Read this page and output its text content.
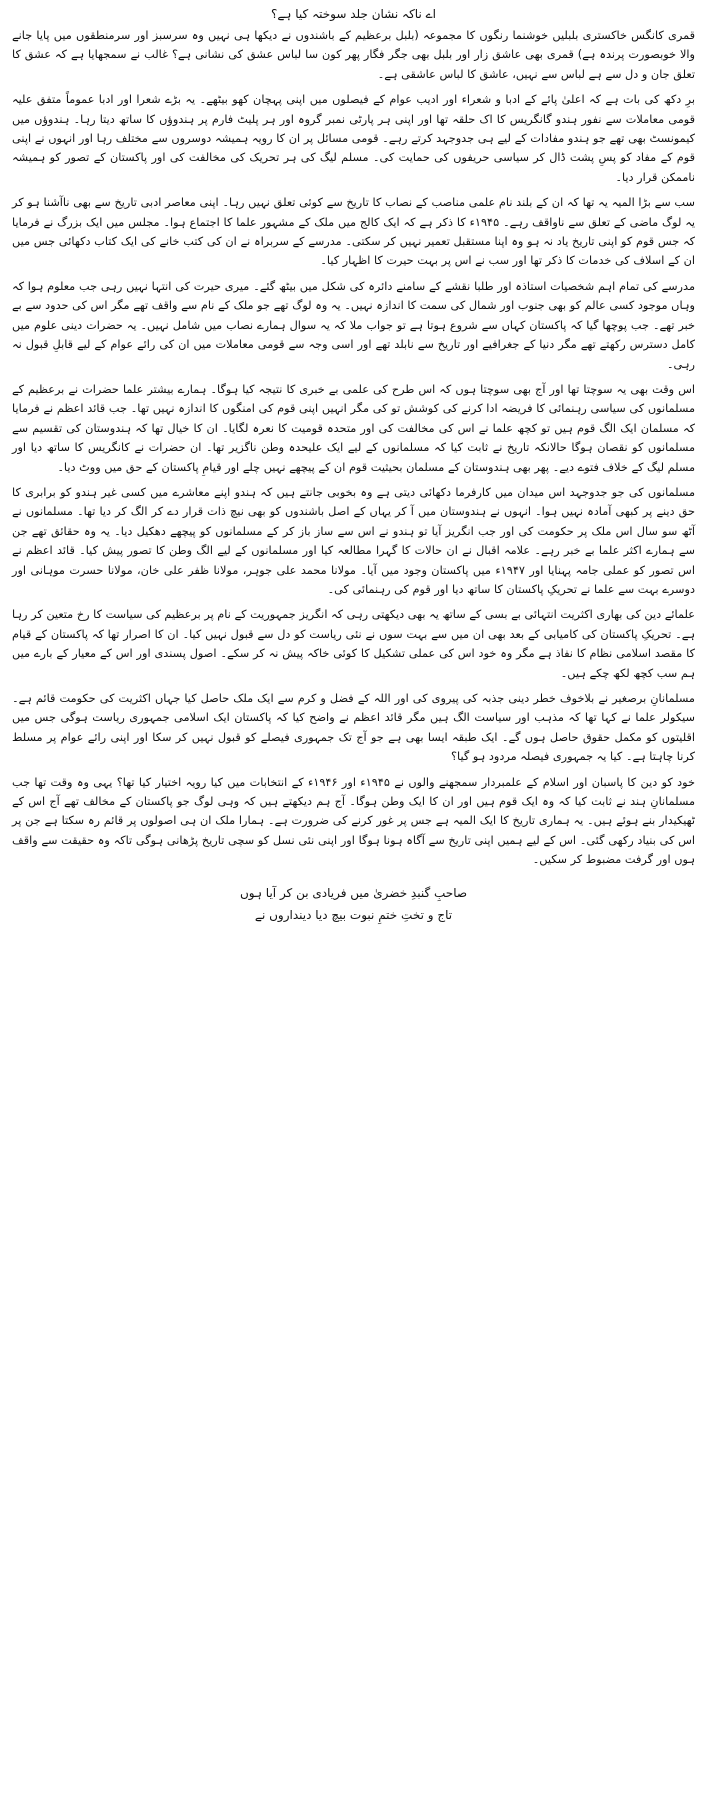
اے ناکہ نشان جلد سوختہ کیا ہے؟

قمری کانگس خاکستری بلبلیں خوشنما رنگوں کا مجموعہ (بلبل برعظیم کے باشندوں نے دیکھا ہی نہیں وہ سرسبز اور سرمنطقوں میں پایا جانے والا خوبصورت پرندہ ہے) قمری بھی عاشق زار اور بلبل بھی جگر فگار پھر کون سا لباس عشق کی نشانی ہے؟ غالب نے سمجھایا ہے کہ عشق کا تعلق جان و دل سے ہے لباس سے نہیں، عاشق کا لباس عاشقی ہے۔

برِ دکھ کی بات ہے کہ اعلیٰ پائے کے ادبا و شعراء اور ادیب عوام کے فیصلوں میں اپنی پہچان کھو بیٹھے۔ یہ بڑے شعرا اور ادبا عموماً متفق علیہ قومی معاملات سے نفور ہندو گانگریس کا اک حلقہ تھا اور اپنی ہر پارٹی نمبر گروہ اور ہر پلیٹ فارم پر ہندوؤں کا ساتھ دیتا رہا۔ ہندوؤں میں کیمونسٹ بھی تھے جو ہندو مفادات کے لیے ہی جدوجہد کرتے رہے۔ قومی مسائل پر ان کا رویہ ہمیشہ دوسروں سے مختلف رہا اور انہوں نے اپنی قوم کے مفاد کو پسِ پشت ڈال کر سیاسی حریفوں کی حمایت کی۔ مسلم لیگ کی ہر تحریک کی مخالفت کی اور پاکستان کے تصور کو ہمیشہ ناممکن قرار دیا۔

سب سے بڑا المیہ یہ تھا کہ ان کے بلند نام علمی مناصب کے نصاب کا تاریخ سے کوئی تعلق نہیں رہا۔ اپنی معاصر ادبی تاریخ سے بھی ناآشنا ہو کر یہ لوگ ماضی کے تعلق سے ناواقف رہے۔ ۱۹۴۵ء کا ذکر ہے کہ ایک کالج میں ملک کے مشہور علما کا اجتماع ہوا۔ مجلس میں ایک بزرگ نے فرمایا کہ جس قوم کو اپنی تاریخ یاد نہ ہو وہ اپنا مستقبل تعمیر نہیں کر سکتی۔ مدرسے کے سربراہ نے ان کی کتب خانے کی ایک کتاب دکھائی جس میں ان کے اسلاف کی خدمات کا ذکر تھا اور سب نے اس پر بہت حیرت کا اظہار کیا۔

مدرسے کی تمام اہم شخصیات استاذہ اور طلبا نقشے کے سامنے دائرہ کی شکل میں بیٹھ گئے۔ میری حیرت کی انتہا نہیں رہی جب معلوم ہوا کہ وہاں موجود کسی عالم کو بھی جنوب اور شمال کی سمت کا اندازہ نہیں۔ یہ وہ لوگ تھے جو ملک کے نام سے واقف تھے مگر اس کی حدود سے بے خبر تھے۔ جب پوچھا گیا کہ پاکستان کہاں سے شروع ہوتا ہے تو جواب ملا کہ یہ سوال ہمارے نصاب میں شامل نہیں۔ یہ حضرات دینی علوم میں کامل دسترس رکھتے تھے مگر دنیا کے جغرافیے اور تاریخ سے نابلد تھے اور اسی وجہ سے قومی معاملات میں ان کی رائے عوام کے لیے قابلِ قبول نہ رہی۔

اس وقت بھی یہ سوچتا تھا اور آج بھی سوچتا ہوں کہ اس طرح کی علمی بے خبری کا نتیجہ کیا ہوگا۔ ہمارے بیشتر علما حضرات نے برعظیم کے مسلمانوں کی سیاسی رہنمائی کا فریضہ ادا کرنے کی کوشش تو کی مگر انہیں اپنی قوم کی امنگوں کا اندازہ نہیں تھا۔ جب قائد اعظم نے فرمایا کہ مسلمان ایک الگ قوم ہیں تو کچھ علما نے اس کی مخالفت کی اور متحدہ قومیت کا نعرہ لگایا۔ ان کا خیال تھا کہ ہندوستان کی تقسیم سے مسلمانوں کو نقصان ہوگا حالانکہ تاریخ نے ثابت کیا کہ مسلمانوں کے لیے ایک علیحدہ وطن ناگزیر تھا۔ ان حضرات نے کانگریس کا ساتھ دیا اور مسلم لیگ کے خلاف فتوے دیے۔ پھر بھی ہندوستان کے مسلمان بحیثیت قوم ان کے پیچھے نہیں چلے اور قیامِ پاکستان کے حق میں ووٹ دیا۔

مسلمانوں کی جو جدوجہد اس میدان میں کارفرما دکھائی دیتی ہے وہ بخوبی جانتے ہیں کہ ہندو اپنے معاشرے میں کسی غیر ہندو کو برابری کا حق دینے پر کبھی آمادہ نہیں ہوا۔ انہوں نے ہندوستان میں آ کر یہاں کے اصل باشندوں کو بھی نیچ ذات قرار دے کر الگ کر دیا تھا۔ مسلمانوں نے آٹھ سو سال اس ملک پر حکومت کی اور جب انگریز آیا تو ہندو نے اس سے ساز باز کر کے مسلمانوں کو پیچھے دھکیل دیا۔ یہ وہ حقائق تھے جن سے ہمارے اکثر علما بے خبر رہے۔ علامہ اقبال نے ان حالات کا گہرا مطالعہ کیا اور مسلمانوں کے لیے الگ وطن کا تصور پیش کیا۔ قائد اعظم نے اس تصور کو عملی جامہ پہنایا اور ۱۹۴۷ء میں پاکستان وجود میں آیا۔ مولانا محمد علی جوہر، مولانا ظفر علی خان، مولانا حسرت موہانی اور دوسرے بہت سے علما نے تحریکِ پاکستان کا ساتھ دیا اور قوم کی رہنمائی کی۔

علمائے دین کی بھاری اکثریت انتہائی بے بسی کے ساتھ یہ بھی دیکھتی رہی کہ انگریز جمہوریت کے نام پر برعظیم کی سیاست کا رخ متعین کر رہا ہے۔ تحریکِ پاکستان کی کامیابی کے بعد بھی ان میں سے بہت سوں نے نئی ریاست کو دل سے قبول نہیں کیا۔ ان کا اصرار تھا کہ پاکستان کے قیام کا مقصد اسلامی نظام کا نفاذ ہے مگر وہ خود اس کی عملی تشکیل کا کوئی خاکہ پیش نہ کر سکے۔ اصول پسندی اور اس کے معیار کے بارے میں ہم سب کچھ لکھ چکے ہیں۔

مسلمانانِ برصغیر نے بلاخوف خطر دینی جذبہ کی پیروی کی اور اللہ کے فضل و کرم سے ایک ملک حاصل کیا جہاں اکثریت کی حکومت قائم ہے۔ سیکولر علما نے کہا تھا کہ مذہب اور سیاست الگ ہیں مگر قائد اعظم نے واضح کیا کہ پاکستان ایک اسلامی جمہوری ریاست ہوگی جس میں اقلیتوں کو مکمل حقوق حاصل ہوں گے۔ ایک طبقہ ایسا بھی ہے جو آج تک جمہوری فیصلے کو قبول نہیں کر سکا اور اپنی رائے عوام پر مسلط کرنا چاہتا ہے۔ کیا یہ جمہوری فیصلہ مردود ہو گیا؟

خود کو دین کا پاسبان اور اسلام کے علمبردار سمجھنے والوں نے ۱۹۴۵ء اور ۱۹۴۶ء کے انتخابات میں کیا رویہ اختیار کیا تھا؟ یہی وہ وقت تھا جب مسلمانانِ ہند نے ثابت کیا کہ وہ ایک قوم ہیں اور ان کا ایک وطن ہوگا۔ آج ہم دیکھتے ہیں کہ وہی لوگ جو پاکستان کے مخالف تھے آج اس کے ٹھیکیدار بنے ہوئے ہیں۔ یہ ہماری تاریخ کا ایک المیہ ہے جس پر غور کرنے کی ضرورت ہے۔ ہمارا ملک ان ہی اصولوں پر قائم رہ سکتا ہے جن پر اس کی بنیاد رکھی گئی۔ اس کے لیے ہمیں اپنی تاریخ سے آگاہ ہونا ہوگا اور اپنی نئی نسل کو سچی تاریخ پڑھانی ہوگی تاکہ وہ حقیقت سے واقف ہوں اور گرفت مضبوط کر سکیں۔

صاحبِ گنبدِ خضریٰ میں فریادی بن کر آیا ہوں
تاج و تختِ ختمِ نبوت بیچ دیا دینداروں نے
